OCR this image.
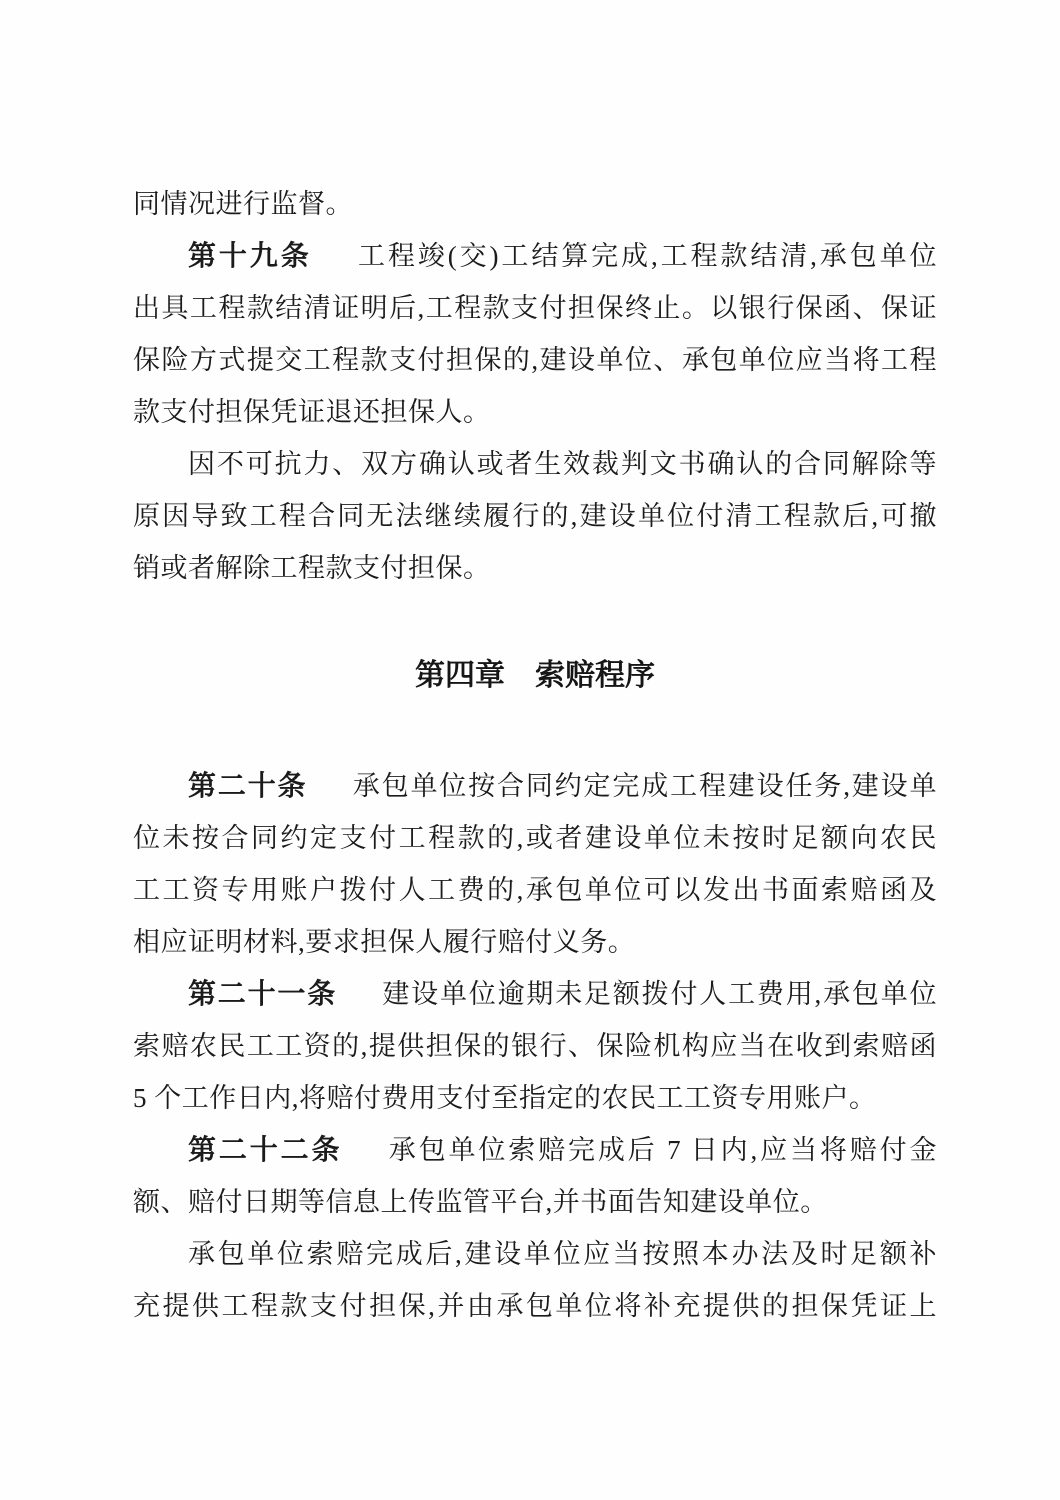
同情况进行监督。
第十九条 工程竣(交)工结算完成,工程款结清,承包单位
出具工程款结清证明后,工程款支付担保终止。以银行保函、保证
保险方式提交工程款支付担保的,建设单位、承包单位应当将工程
款支付担保凭证退还担保人。
因不可抗力、双方确认或者生效裁判文书确认的合同解除等
原因导致工程合同无法继续履行的,建设单位付清工程款后,可撤
销或者解除工程款支付担保。
第四章 索赔程序
第二十条 承包单位按合同约定完成工程建设任务,建设单
位未按合同约定支付工程款的,或者建设单位未按时足额向农民
工工资专用账户拨付人工费的,承包单位可以发出书面索赔函及
相应证明材料,要求担保人履行赔付义务。
第二十一条 建设单位逾期未足额拨付人工费用,承包单位
索赔农民工工资的,提供担保的银行、保险机构应当在收到索赔函
5 个工作日内,将赔付费用支付至指定的农民工工资专用账户。
第二十二条 承包单位索赔完成后 7 日内,应当将赔付金
额、赔付日期等信息上传监管平台,并书面告知建设单位。
承包单位索赔完成后,建设单位应当按照本办法及时足额补
充提供工程款支付担保,并由承包单位将补充提供的担保凭证上
